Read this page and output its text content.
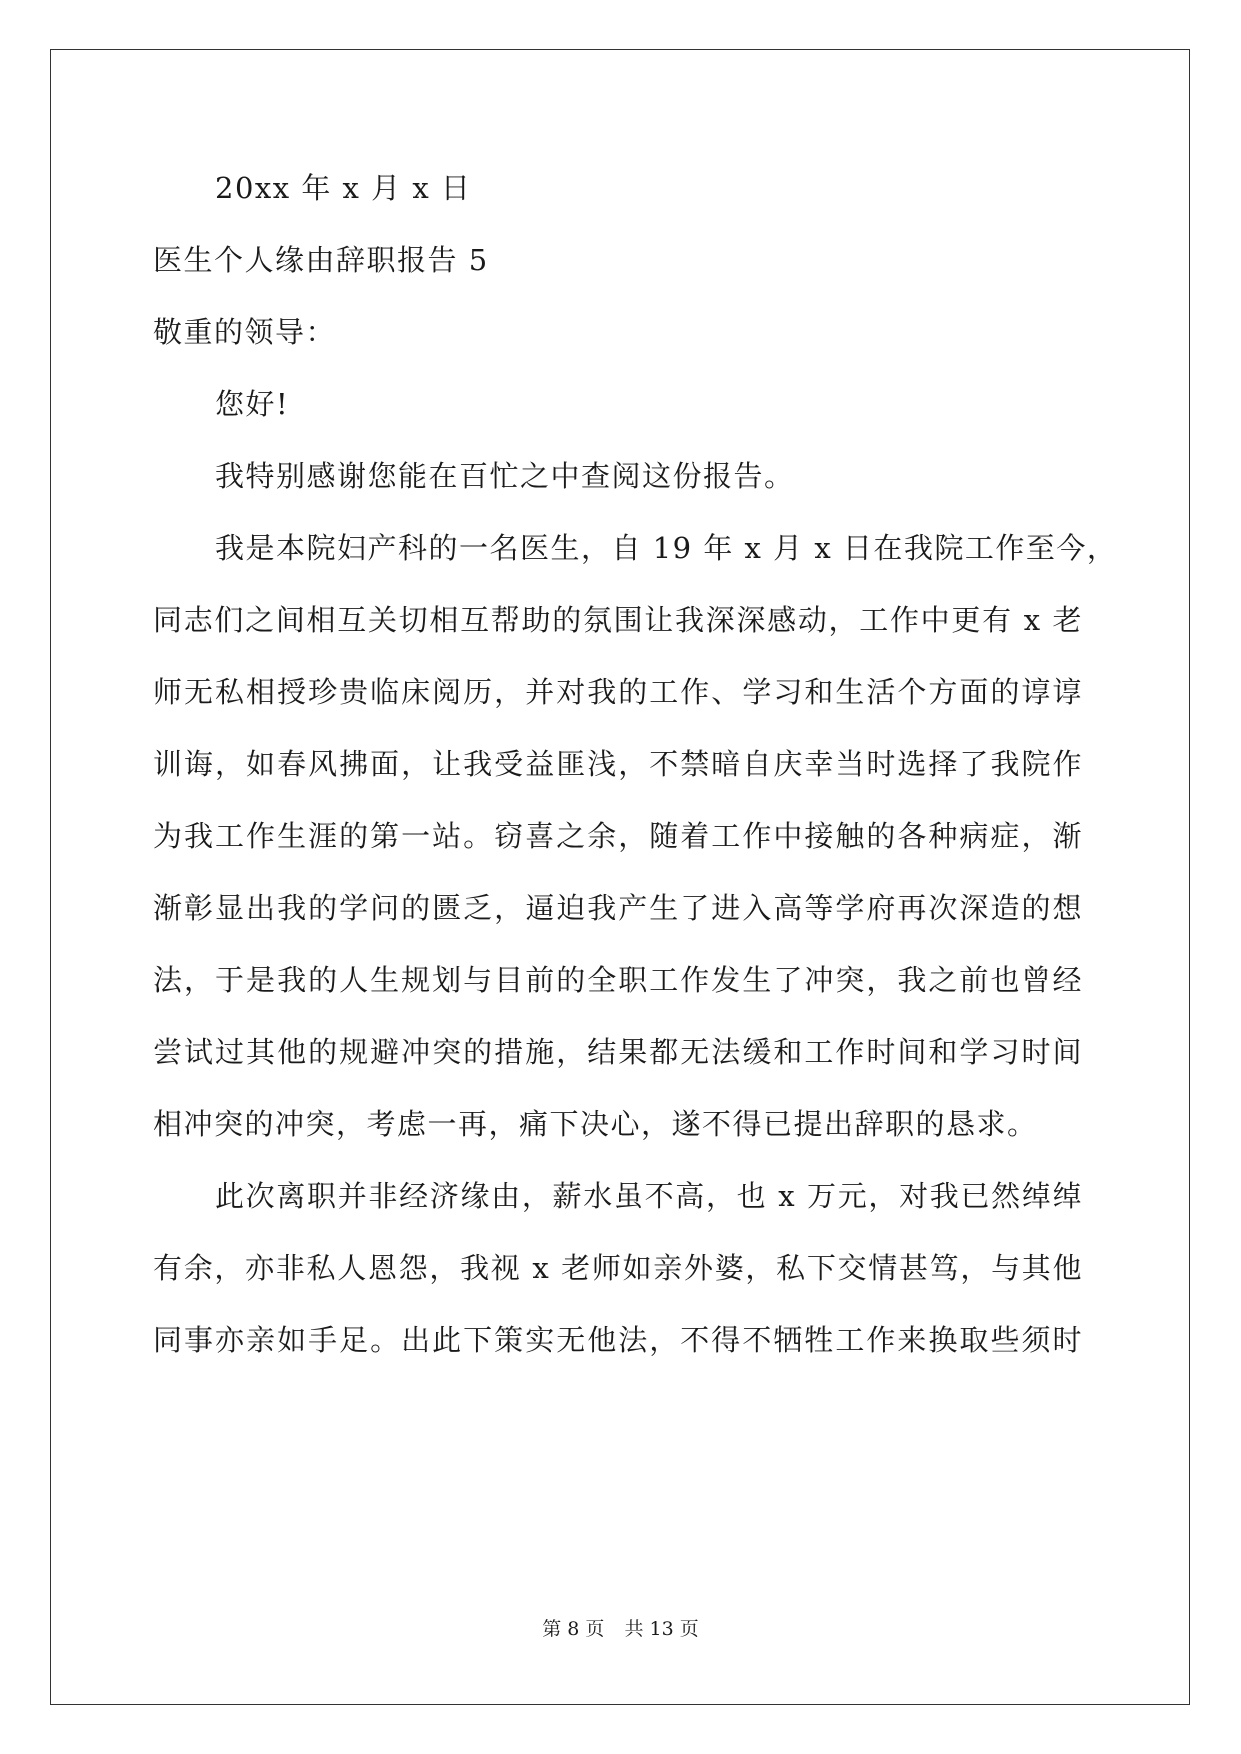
20xx 年 x 月 x 日
医生个人缘由辞职报告 5
敬重的领导：
您好!
我特别感谢您能在百忙之中查阅这份报告。
我是本院妇产科的一名医生，自 19 年 x 月 x 日在我院工作至今，
同志们之间相互关切相互帮助的氛围让我深深感动，工作中更有 x 老
师无私相授珍贵临床阅历，并对我的工作、学习和生活个方面的谆谆
训诲，如春风拂面，让我受益匪浅，不禁暗自庆幸当时选择了我院作
为我工作生涯的第一站。窃喜之余，随着工作中接触的各种病症，渐
渐彰显出我的学问的匮乏，逼迫我产生了进入高等学府再次深造的想
法，于是我的人生规划与目前的全职工作发生了冲突，我之前也曾经
尝试过其他的规避冲突的措施，结果都无法缓和工作时间和学习时间
相冲突的冲突，考虑一再，痛下决心，遂不得已提出辞职的恳求。
此次离职并非经济缘由，薪水虽不高，也 x 万元，对我已然绰绰
有余，亦非私人恩怨，我视 x 老师如亲外婆，私下交情甚笃，与其他
同事亦亲如手足。出此下策实无他法，不得不牺牲工作来换取些须时
第 8 页 共 13 页
